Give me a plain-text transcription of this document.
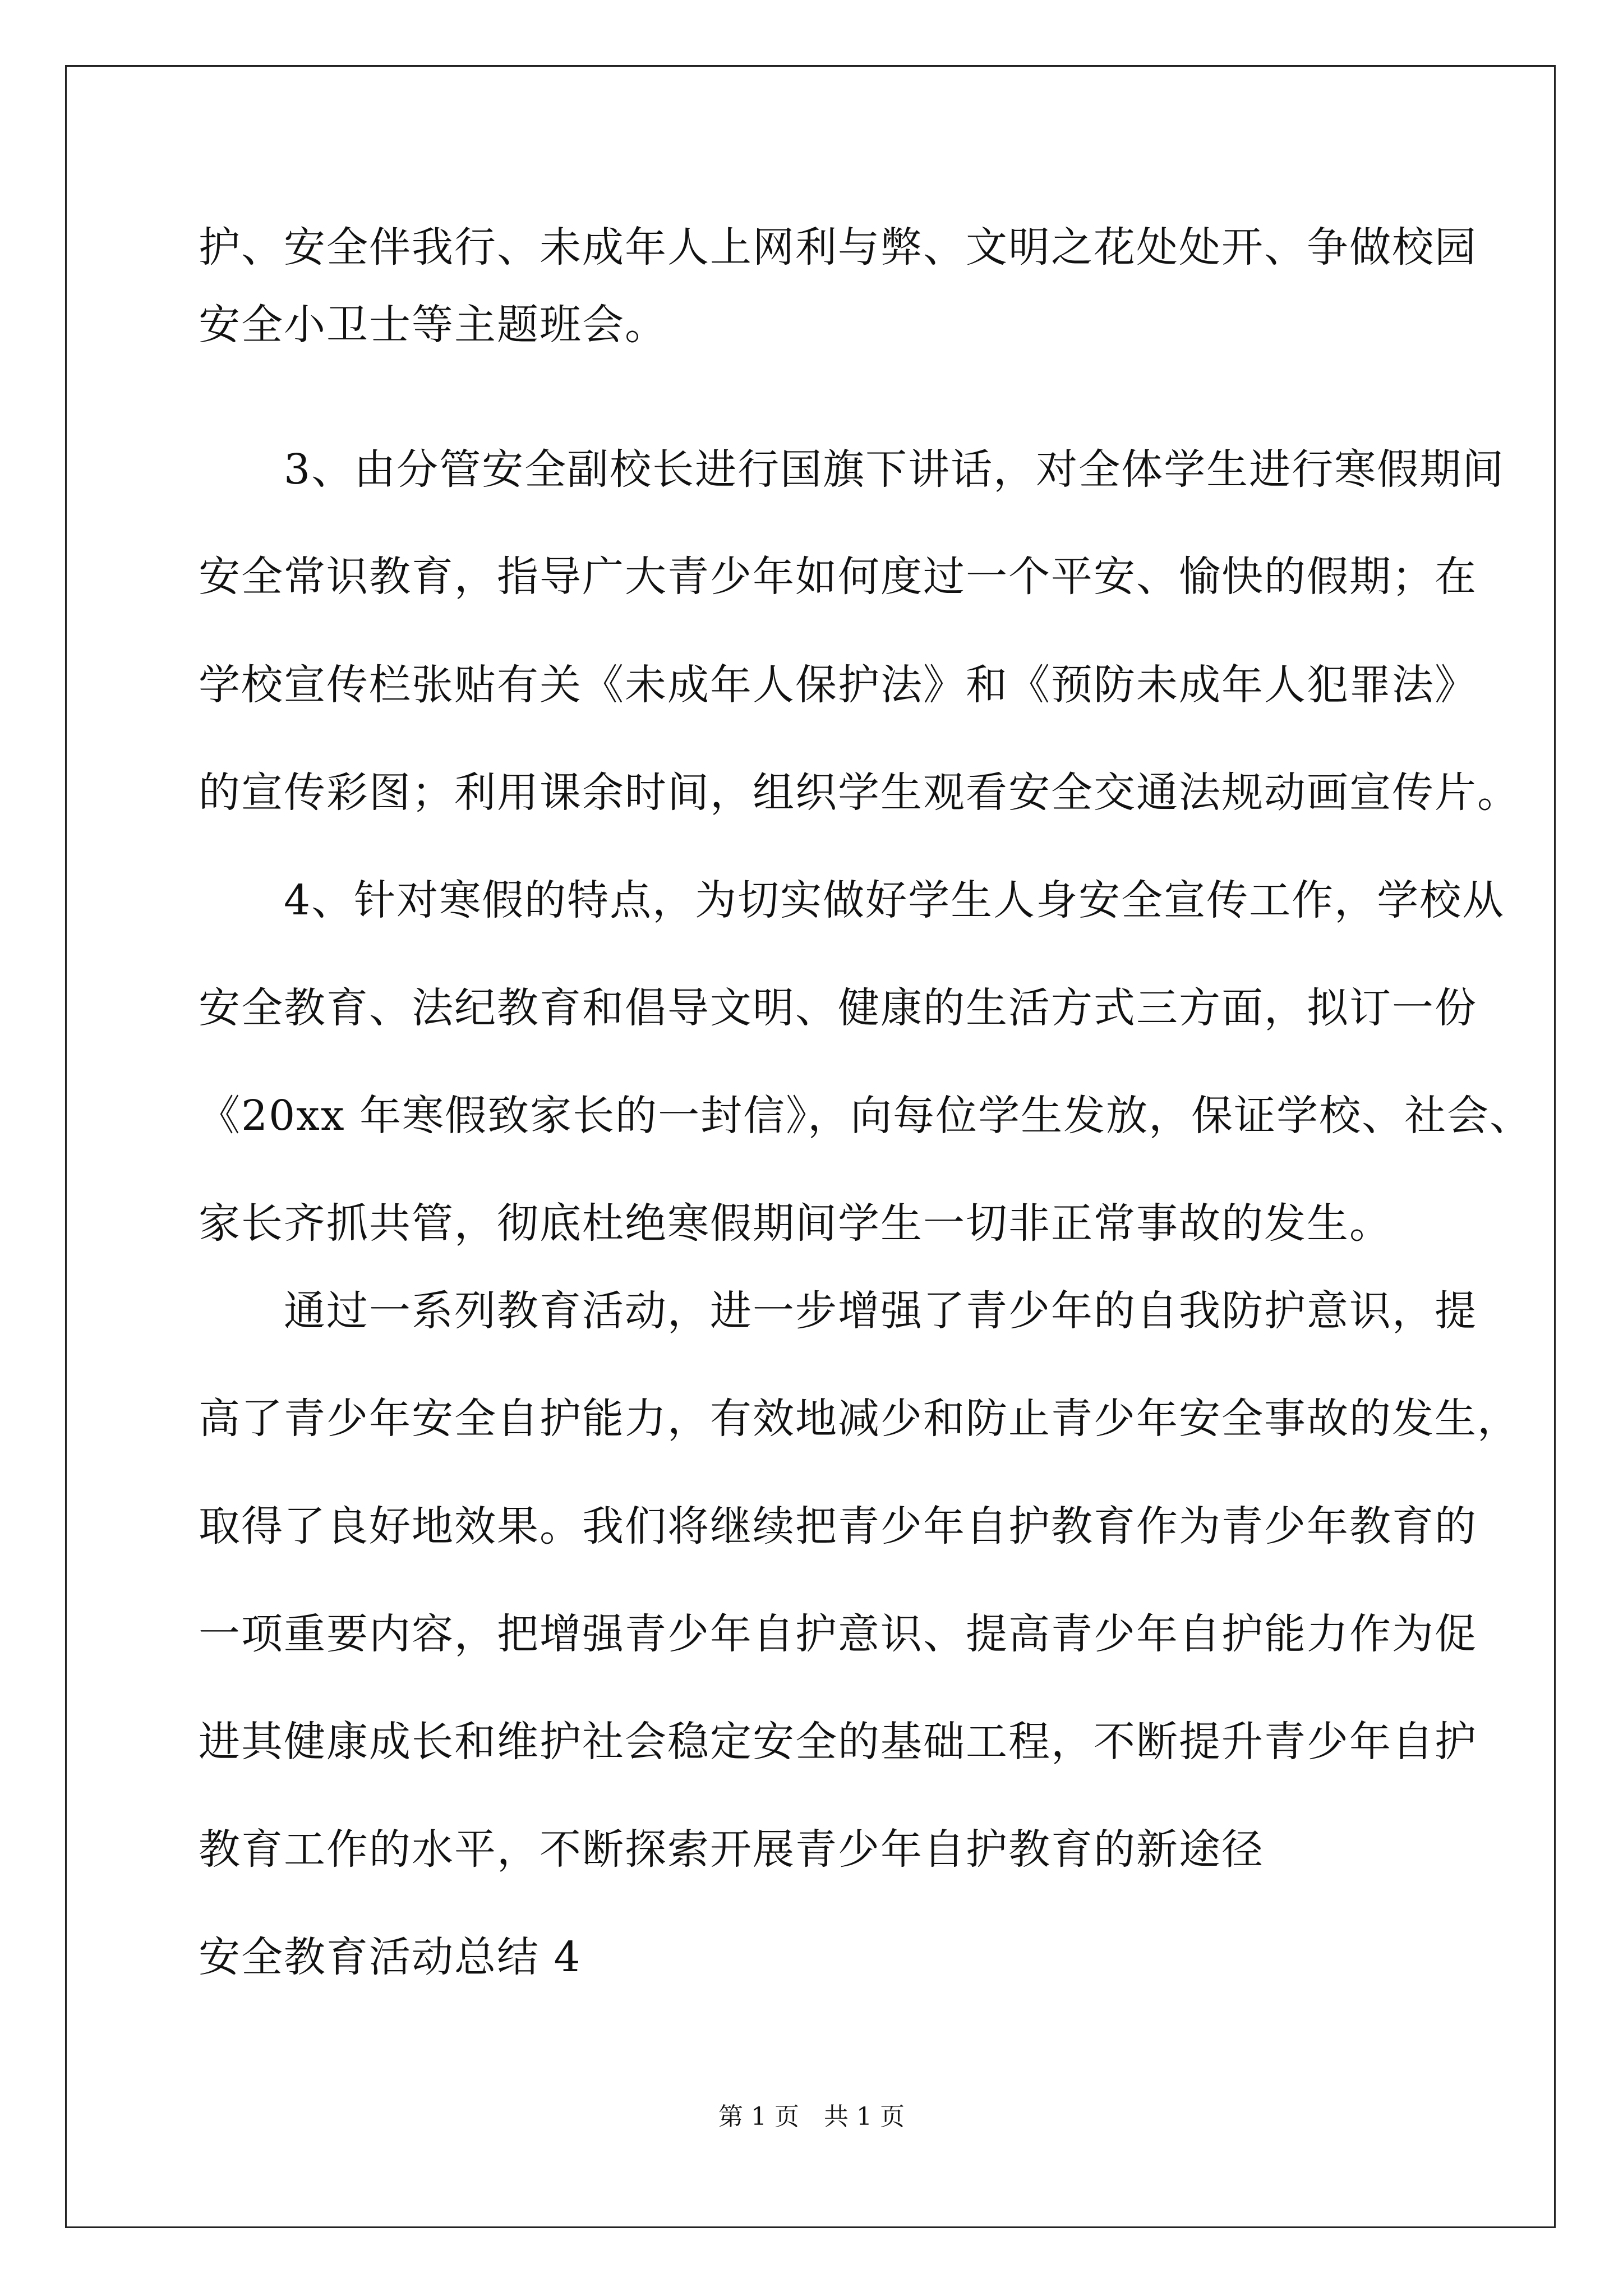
护、安全伴我行、未成年人上网利与弊、文明之花处处开、争做校园
安全小卫士等主题班会。
　　3、由分管安全副校长进行国旗下讲话，对全体学生进行寒假期间
安全常识教育，指导广大青少年如何度过一个平安、愉快的假期；在
学校宣传栏张贴有关《未成年人保护法》和《预防未成年人犯罪法》
的宣传彩图；利用课余时间，组织学生观看安全交通法规动画宣传片。
　　4、针对寒假的特点，为切实做好学生人身安全宣传工作，学校从
安全教育、法纪教育和倡导文明、健康的生活方式三方面，拟订一份
《20xx 年寒假致家长的一封信》，向每位学生发放，保证学校、社会、
家长齐抓共管，彻底杜绝寒假期间学生一切非正常事故的发生。
　　通过一系列教育活动，进一步增强了青少年的自我防护意识，提
高了青少年安全自护能力，有效地减少和防止青少年安全事故的发生，
取得了良好地效果。我们将继续把青少年自护教育作为青少年教育的
一项重要内容，把增强青少年自护意识、提高青少年自护能力作为促
进其健康成长和维护社会稳定安全的基础工程，不断提升青少年自护
教育工作的水平，不断探索开展青少年自护教育的新途径
安全教育活动总结 4
第 1 页　共 1 页
